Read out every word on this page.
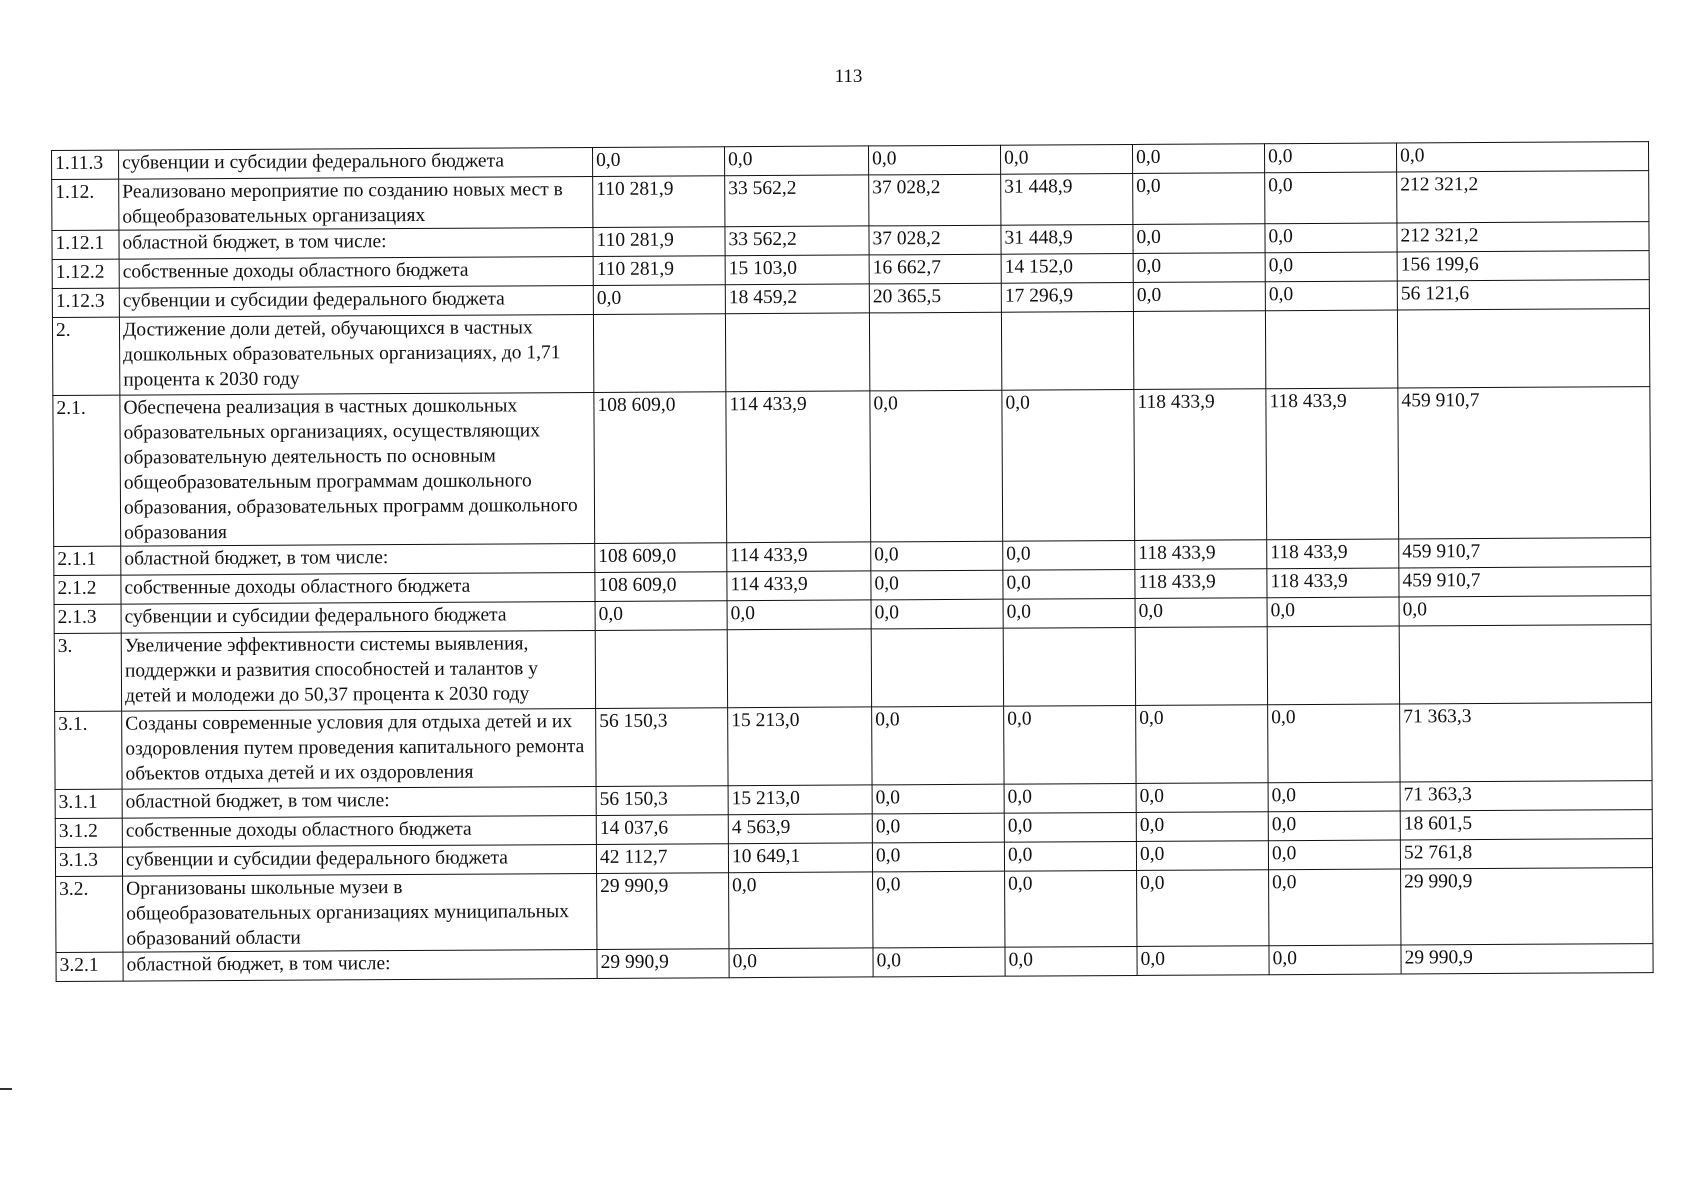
113
1.11.3	субвенции и субсидии федерального бюджета	0,0	0,0	0,0	0,0	0,0	0,0	0,0
1.12.	Реализовано мероприятие по созданию новых мест в общеобразовательных организациях	110 281,9	33 562,2	37 028,2	31 448,9	0,0	0,0	212 321,2
1.12.1	областной бюджет, в том числе:	110 281,9	33 562,2	37 028,2	31 448,9	0,0	0,0	212 321,2
1.12.2	собственные доходы областного бюджета	110 281,9	15 103,0	16 662,7	14 152,0	0,0	0,0	156 199,6
1.12.3	субвенции и субсидии федерального бюджета	0,0	18 459,2	20 365,5	17 296,9	0,0	0,0	56 121,6
2.	Достижение доли детей, обучающихся в частных дошкольных образовательных организациях, до 1,71 процента к 2030 году							
2.1.	Обеспечена реализация в частных дошкольных образовательных организациях, осуществляющих образовательную деятельность по основным общеобразовательным программам дошкольного образования, образовательных программ дошкольного образования	108 609,0	114 433,9	0,0	0,0	118 433,9	118 433,9	459 910,7
2.1.1	областной бюджет, в том числе:	108 609,0	114 433,9	0,0	0,0	118 433,9	118 433,9	459 910,7
2.1.2	собственные доходы областного бюджета	108 609,0	114 433,9	0,0	0,0	118 433,9	118 433,9	459 910,7
2.1.3	субвенции и субсидии федерального бюджета	0,0	0,0	0,0	0,0	0,0	0,0	0,0
3.	Увеличение эффективности системы выявления, поддержки и развития способностей и талантов у детей и молодежи до 50,37 процента к 2030 году							
3.1.	Созданы современные условия для отдыха детей и их оздоровления путем проведения капитального ремонта объектов отдыха детей и их оздоровления	56 150,3	15 213,0	0,0	0,0	0,0	0,0	71 363,3
3.1.1	областной бюджет, в том числе:	56 150,3	15 213,0	0,0	0,0	0,0	0,0	71 363,3
3.1.2	собственные доходы областного бюджета	14 037,6	4 563,9	0,0	0,0	0,0	0,0	18 601,5
3.1.3	субвенции и субсидии федерального бюджета	42 112,7	10 649,1	0,0	0,0	0,0	0,0	52 761,8
3.2.	Организованы школьные музеи в общеобразовательных организациях муниципальных образований области	29 990,9	0,0	0,0	0,0	0,0	0,0	29 990,9
3.2.1	областной бюджет, в том числе:	29 990,9	0,0	0,0	0,0	0,0	0,0	29 990,9
